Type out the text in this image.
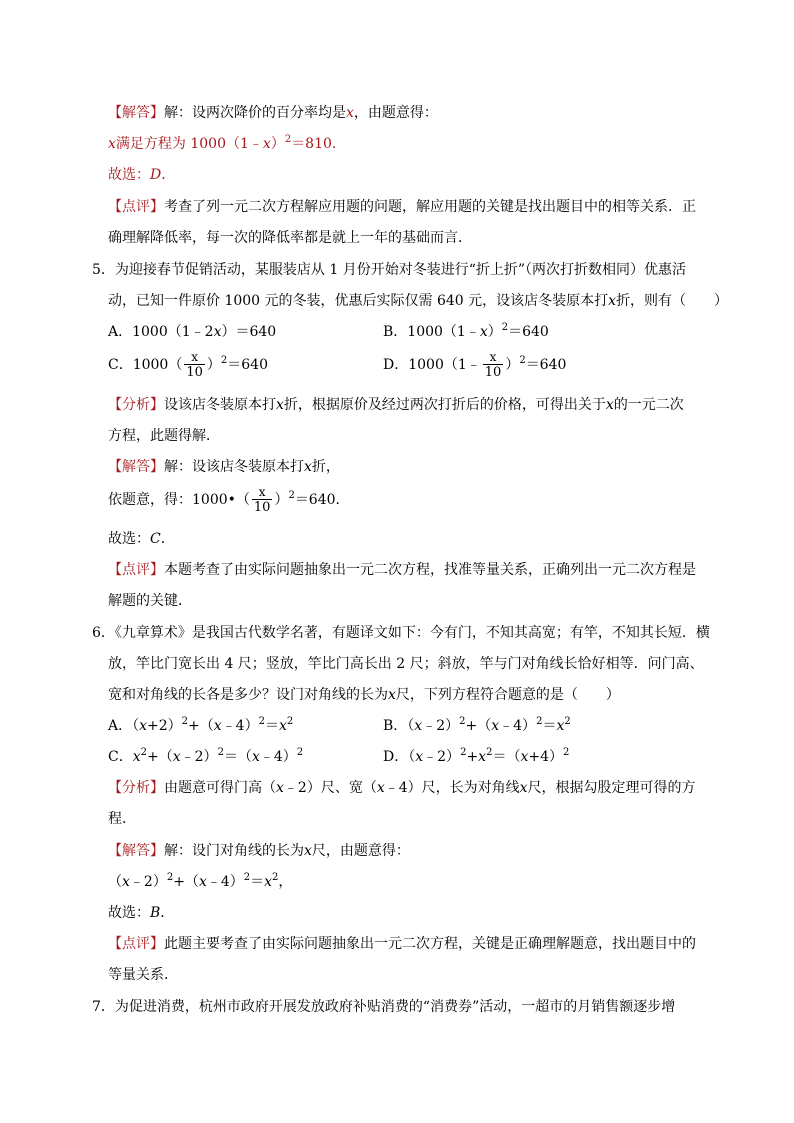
【解答】解：设两次降价的百分率均是x，由题意得：
x满足方程为 1000（1﹣x）$^2$＝810．
故选：D．
【点评】考查了列一元二次方程解应用题的问题，解应用题的关键是找出题目中的相等关系．正
确理解降低率，每一次的降低率都是就上一年的基础而言．
5．为迎接春节促销活动，某服装店从 1 月份开始对冬装进行“折上折”（两次打折数相同）优惠活
动，已知一件原价 1000 元的冬装，优惠后实际仅需 640 元，设该店冬装原本打x折，则有（　　）
A．1000（1﹣2x）＝640	B．1000（1﹣x）$^2$＝640
C．$1000( \frac{x}{10} )^2=640$	D．1000（1﹣ $\frac{x}{10} )^2=640$
【分析】设该店冬装原本打x折，根据原价及经过两次打折后的价格，可得出关于x的一元二次
方程，此题得解．
【解答】解：设该店冬装原本打x折，
依题意，得：1000•（ $\frac{x}{10} )^2=640$．
故选：C．
【点评】本题考查了由实际问题抽象出一元二次方程，找准等量关系，正确列出一元二次方程是
解题的关键．
6．《九章算术》是我国古代数学名著，有题译文如下：今有门，不知其高宽；有竿，不知其长短．横
放，竿比门宽长出 4 尺；竖放，竿比门高长出 2 尺；斜放，竿与门对角线长恰好相等．问门高、
宽和对角线的长各是多少？设门对角线的长为x尺，下列方程符合题意的是（　　）
A．$(x+2)^2+(x﹣4)^2=x^2$	B．$(x﹣2)^2+(x﹣4)^2=x^2$
C．$x^2+(x﹣2)^2=(x﹣4)^2$	D．$(x﹣2)^2+x^2=(x+4)^2$
【分析】由题意可得门高（x﹣2）尺、宽（x﹣4）尺，长为对角线x尺，根据勾股定理可得的方
程．
【解答】解：设门对角线的长为x尺，由题意得：
$(x﹣2)^2+(x﹣4)^2=x^2$，
故选：B．
【点评】此题主要考查了由实际问题抽象出一元二次方程，关键是正确理解题意，找出题目中的
等量关系．
7．为促进消费，杭州市政府开展发放政府补贴消费的“消费券”活动，一超市的月销售额逐步增
